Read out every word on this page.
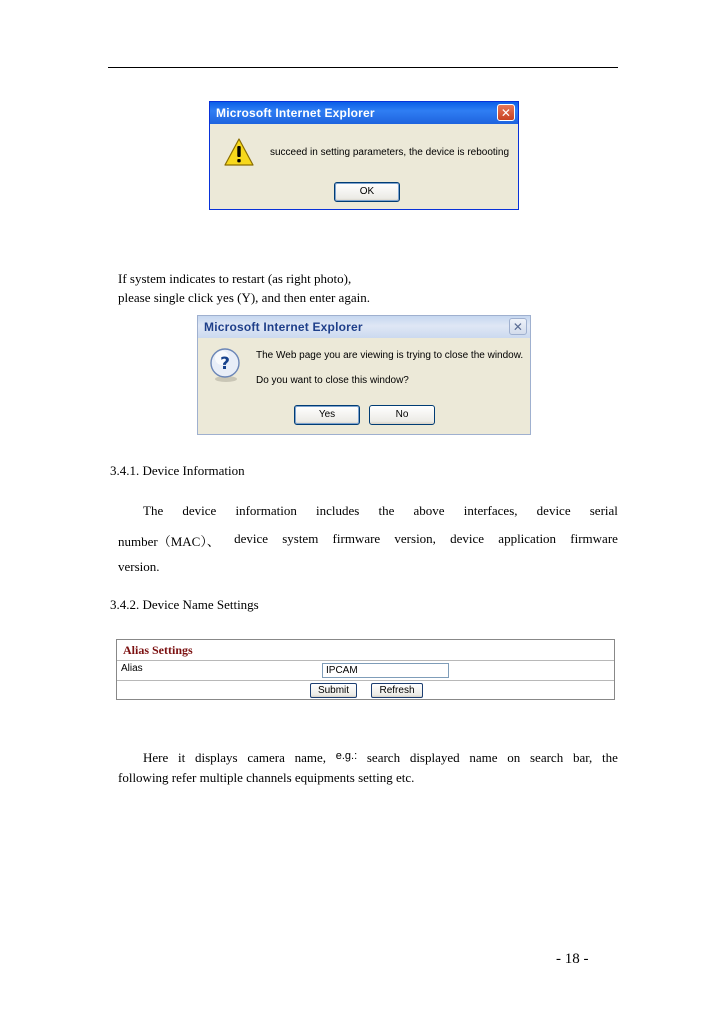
Microsoft Internet Explorer	✕
succeed in setting parameters, the device is rebooting
OK
If system indicates to restart (as right photo),
please single click yes (Y), and then enter again.
Microsoft Internet Explorer	✕
?	The Web page you are viewing is trying to close the window.
Do you want to close this window?
Yes	No
3.4.1. Device Information
The device information includes the above interfaces, device serial
number（MAC）、 device system firmware version, device application firmware
version.
3.4.2. Device Name Settings
Alias Settings
Alias	IPCAM
Submit	Refresh
Here it displays camera name, e.g.: search displayed name on search bar, the
following refer multiple channels equipments setting etc.
- 18 -
